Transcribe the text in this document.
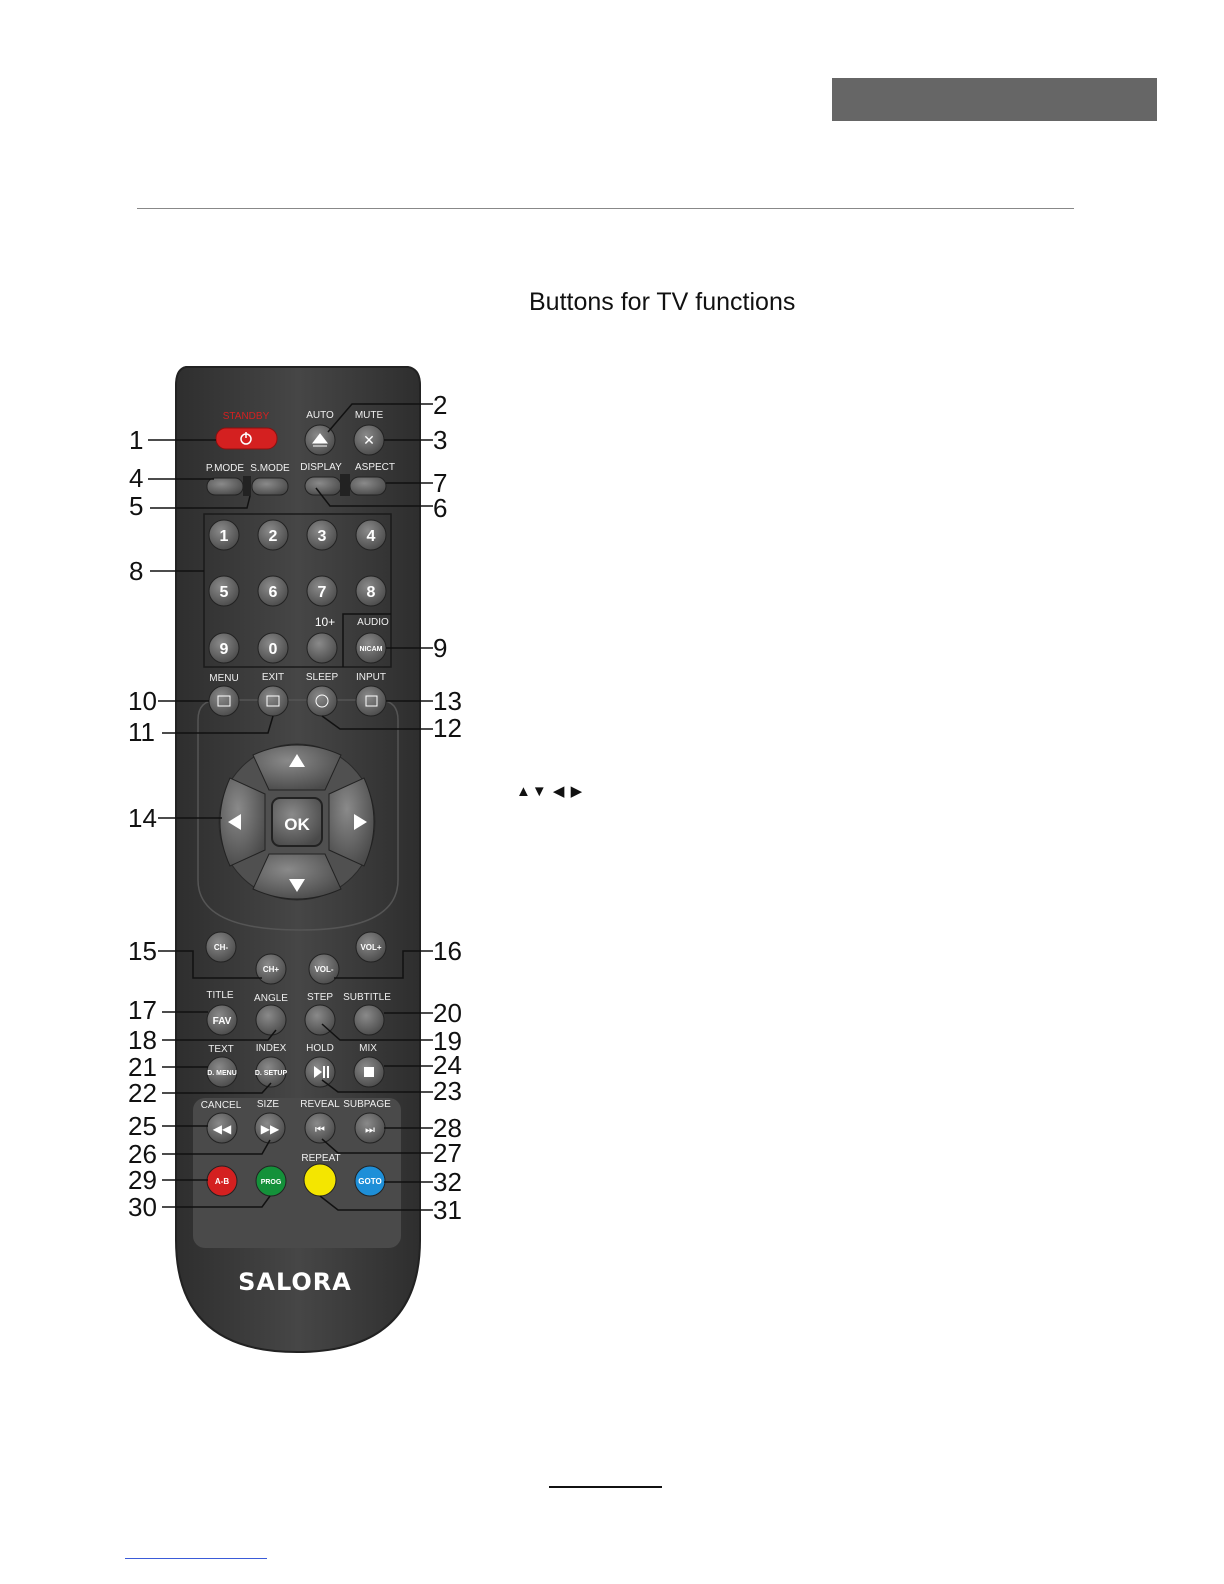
Buttons for TV functions
▲▼ ◀ ▶
STANDBY	AUTO MUTE
✕
P.MODE S.MODE DISPLAY ASPECT
1	2	3	4
5	6	7	8
9	0
10+ AUDIO
NICAM
MENU EXIT SLEEP INPUT
OK
CH-
CH+	VOL-
VOL+
TITLE ANGLE STEP SUBTITLE
FAV
TEXT INDEX HOLD	MIX
D. MENU	D. SETUP
CANCEL SIZE REVEAL SUBPAGE
◀◀ ▶▶	⏮	⏭
REPEAT
A-B	PROG	GOTO
SALORA
1
2
3
4
5	6
7
8
9
10
11	12
13
14
15	16
17
18	19
20
21
22	23
24
25
26	27
28
29
30	31
32
